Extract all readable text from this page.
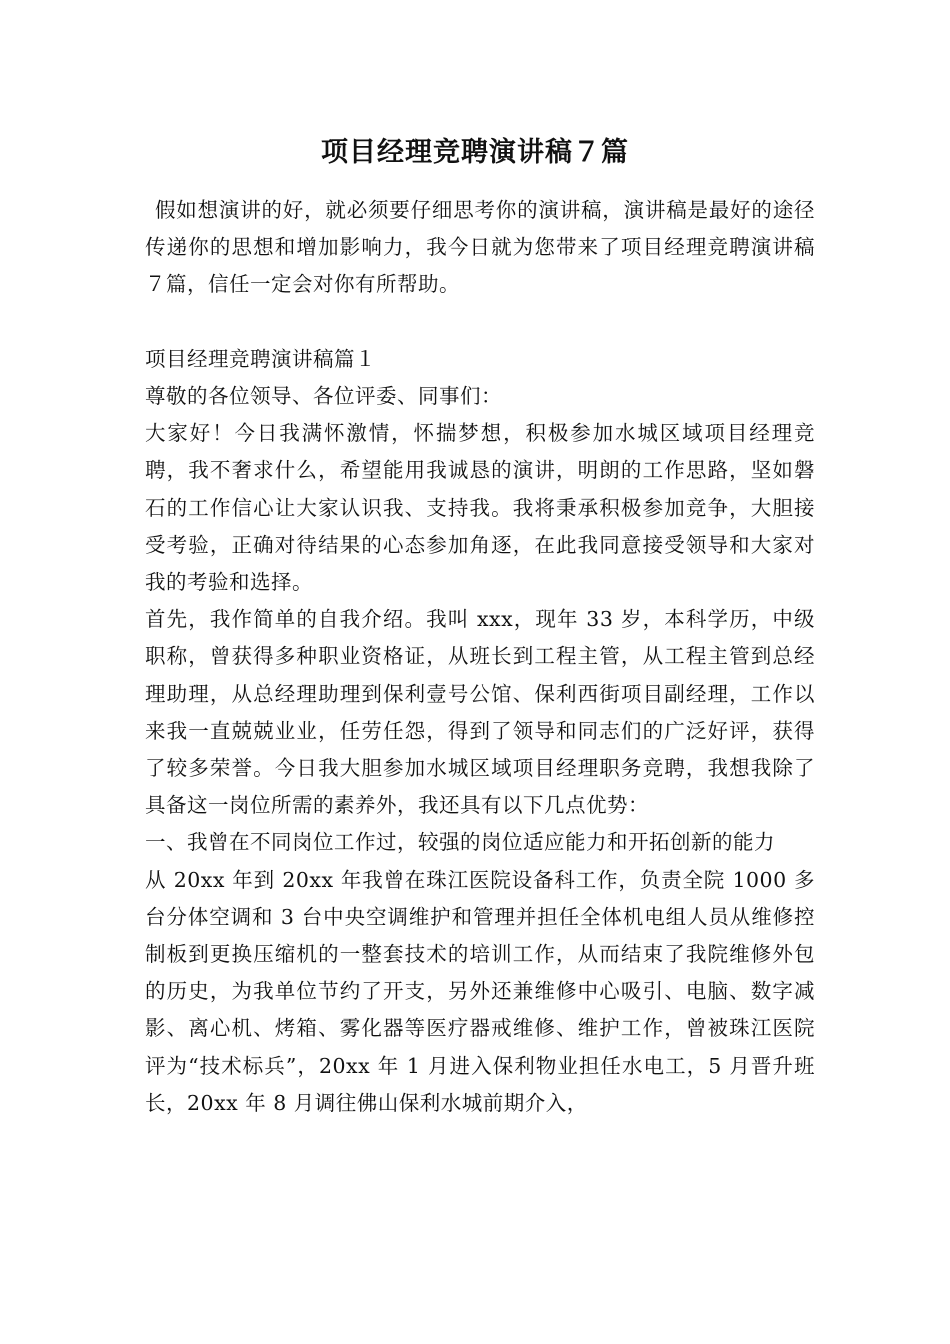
项目经理竞聘演讲稿７篇

假如想演讲的好，就必须要仔细思考你的演讲稿，演讲稿是最好的途径传递你的思想和增加影响力，我今日就为您带来了项目经理竞聘演讲稿７篇，信任一定会对你有所帮助。

项目经理竞聘演讲稿篇１

尊敬的各位领导、各位评委、同事们：

大家好！今日我满怀激情，怀揣梦想，积极参加水城区域项目经理竞聘，我不奢求什么，希望能用我诚恳的演讲，明朗的工作思路，坚如磐石的工作信心让大家认识我、支持我。我将秉承积极参加竞争，大胆接受考验，正确对待结果的心态参加角逐，在此我同意接受领导和大家对我的考验和选择。

首先，我作简单的自我介绍。我叫 xxx，现年 33 岁，本科学历，中级职称，曾获得多种职业资格证，从班长到工程主管，从工程主管到总经理助理，从总经理助理到保利壹号公馆、保利西街项目副经理，工作以来我一直兢兢业业，任劳任怨，得到了领导和同志们的广泛好评，获得了较多荣誉。今日我大胆参加水城区域项目经理职务竞聘，我想我除了具备这一岗位所需的素养外，我还具有以下几点优势：

一、我曾在不同岗位工作过，较强的岗位适应能力和开拓创新的能力

从 20xx 年到 20xx 年我曾在珠江医院设备科工作，负责全院 1000 多台分体空调和 3 台中央空调维护和管理并担任全体机电组人员从维修控制板到更换压缩机的一整套技术的培训工作，从而结束了我院维修外包的历史，为我单位节约了开支，另外还兼维修中心吸引、电脑、数字减影、离心机、烤箱、雾化器等医疗器戒维修、维护工作，曾被珠江医院评为“技术标兵”，20xx 年 1 月进入保利物业担任水电工，5 月晋升班长，20xx 年 8 月调往佛山保利水城前期介入，
